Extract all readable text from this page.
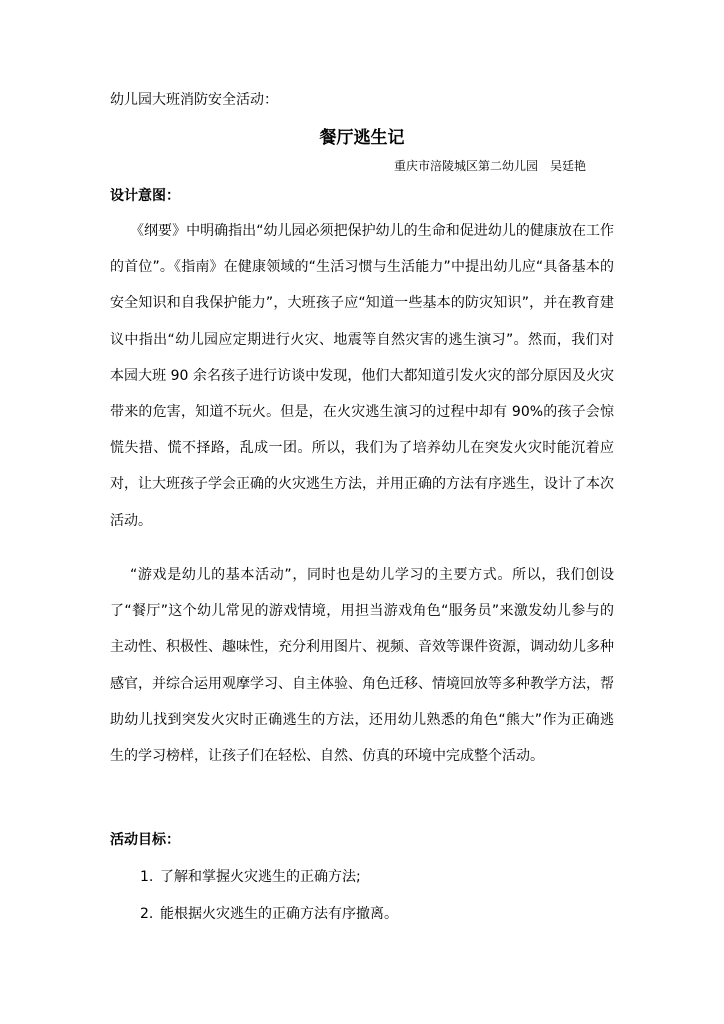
幼儿园大班消防安全活动：
餐厅逃生记
重庆市涪陵城区第二幼儿园　吴廷艳
设计意图：

《纲要》中明确指出“幼儿园必须把保护幼儿的生命和促进幼儿的健康放在工作的首位”。《指南》在健康领域的“生活习惯与生活能力”中提出幼儿应“具备基本的安全知识和自我保护能力”，大班孩子应“知道一些基本的防灾知识”，并在教育建议中指出“幼儿园应定期进行火灾、地震等自然灾害的逃生演习”。然而，我们对本园大班 90 余名孩子进行访谈中发现，他们大都知道引发火灾的部分原因及火灾带来的危害，知道不玩火。但是，在火灾逃生演习的过程中却有 90%的孩子会惊慌失措、慌不择路，乱成一团。所以，我们为了培养幼儿在突发火灾时能沉着应对，让大班孩子学会正确的火灾逃生方法，并用正确的方法有序逃生，设计了本次活动。

“游戏是幼儿的基本活动”，同时也是幼儿学习的主要方式。所以，我们创设了“餐厅”这个幼儿常见的游戏情境，用担当游戏角色“服务员”来激发幼儿参与的主动性、积极性、趣味性，充分利用图片、视频、音效等课件资源，调动幼儿多种感官，并综合运用观摩学习、自主体验、角色迁移、情境回放等多种教学方法，帮助幼儿找到突发火灾时正确逃生的方法，还用幼儿熟悉的角色“熊大”作为正确逃生的学习榜样，让孩子们在轻松、自然、仿真的环境中完成整个活动。

活动目标：
1. 了解和掌握火灾逃生的正确方法;
2. 能根据火灾逃生的正确方法有序撤离。
